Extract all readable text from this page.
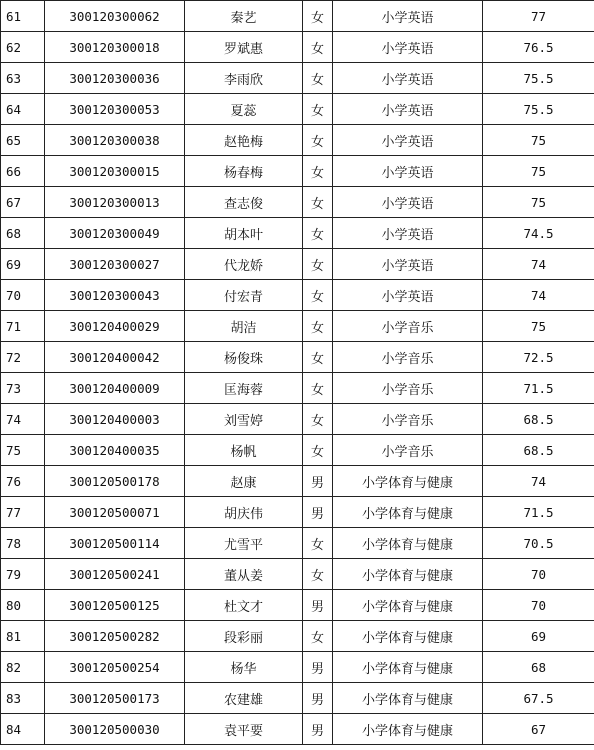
61	300120300062	秦艺	女	小学英语	77
62	300120300018	罗斌惠	女	小学英语	76.5
63	300120300036	李雨欣	女	小学英语	75.5
64	300120300053	夏蕊	女	小学英语	75.5
65	300120300038	赵艳梅	女	小学英语	75
66	300120300015	杨春梅	女	小学英语	75
67	300120300013	查志俊	女	小学英语	75
68	300120300049	胡本叶	女	小学英语	74.5
69	300120300027	代龙娇	女	小学英语	74
70	300120300043	付宏青	女	小学英语	74
71	300120400029	胡洁	女	小学音乐	75
72	300120400042	杨俊珠	女	小学音乐	72.5
73	300120400009	匡海蓉	女	小学音乐	71.5
74	300120400003	刘雪婷	女	小学音乐	68.5
75	300120400035	杨帆	女	小学音乐	68.5
76	300120500178	赵康	男	小学体育与健康	74
77	300120500071	胡庆伟	男	小学体育与健康	71.5
78	300120500114	尤雪平	女	小学体育与健康	70.5
79	300120500241	董从姜	女	小学体育与健康	70
80	300120500125	杜文才	男	小学体育与健康	70
81	300120500282	段彩丽	女	小学体育与健康	69
82	300120500254	杨华	男	小学体育与健康	68
83	300120500173	农建雄	男	小学体育与健康	67.5
84	300120500030	袁平要	男	小学体育与健康	67
